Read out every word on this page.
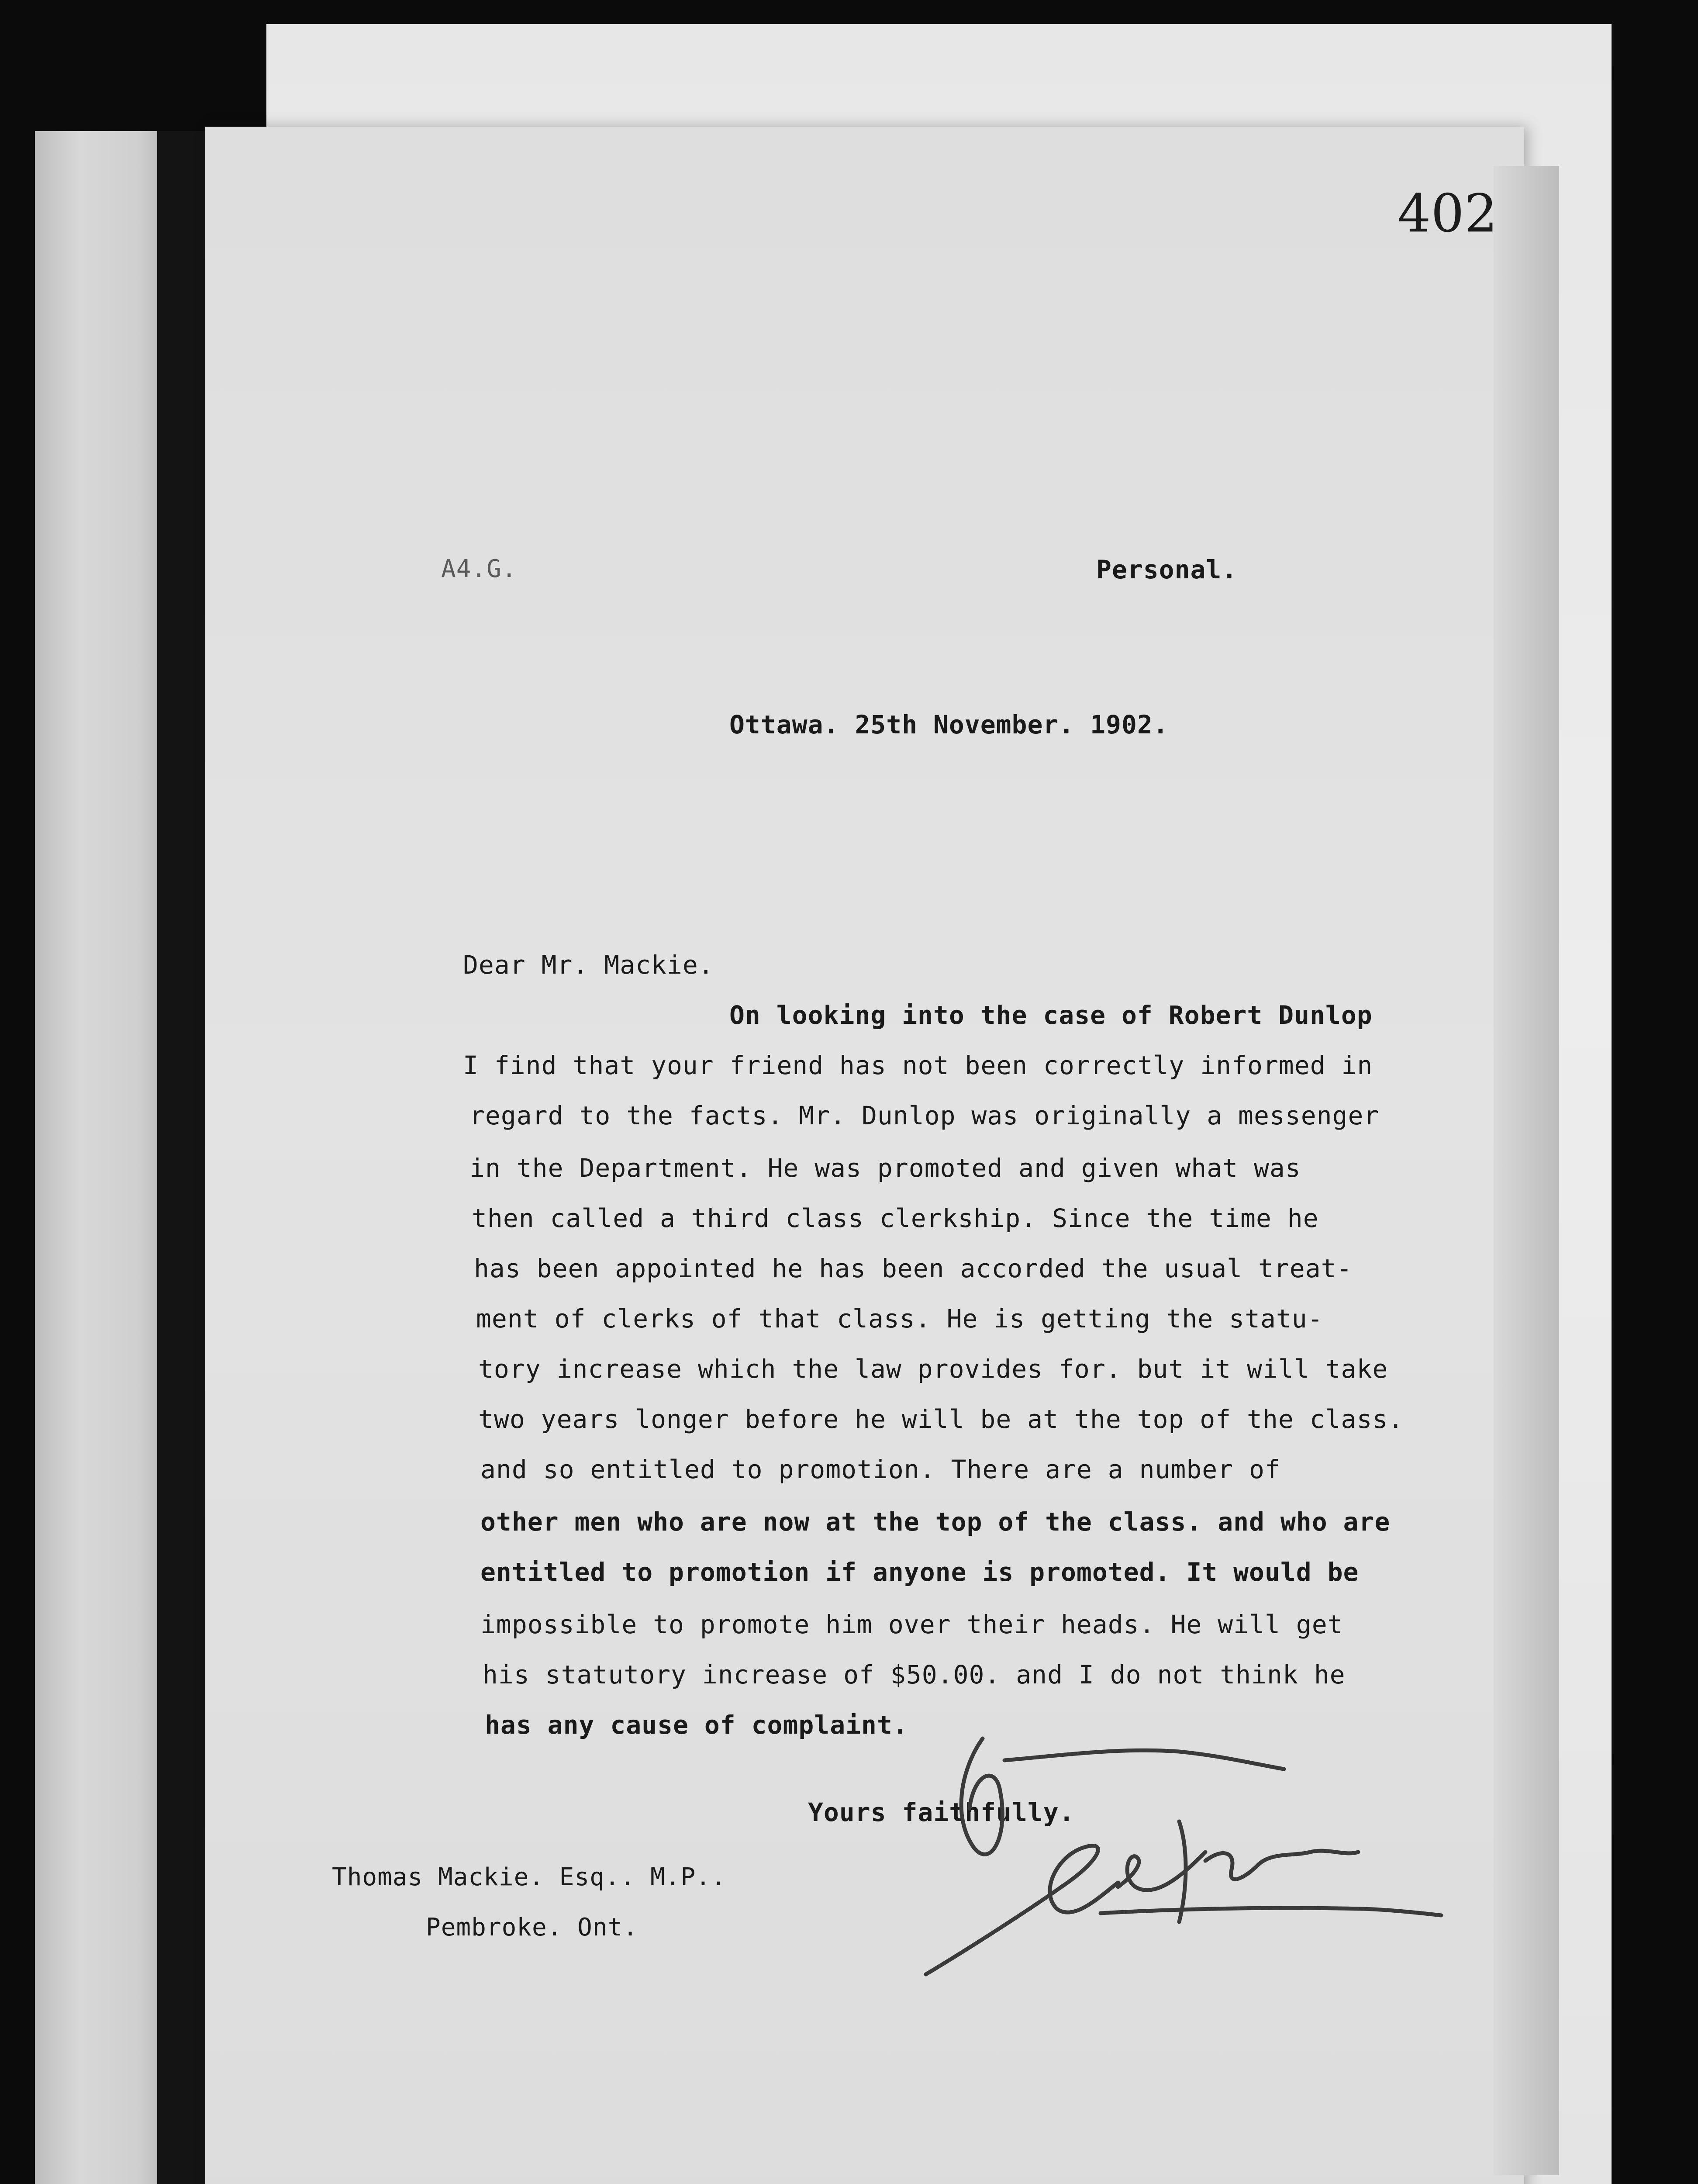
402
A4.G.	Personal.
Ottawa. 25th November. 1902.
Dear Mr. Mackie.
On looking into the case of Robert Dunlop
I find that your friend has not been correctly informed in
regard to the facts. Mr. Dunlop was originally a messenger
in the Department. He was promoted and given what was
then called a third class clerkship. Since the time he
has been appointed he has been accorded the usual treat-
ment of clerks of that class. He is getting the statu-
tory increase which the law provides for. but it will take
two years longer before he will be at the top of the class.
and so entitled to promotion. There are a number of
other men who are now at the top of the class. and who are
entitled to promotion if anyone is promoted. It would be
impossible to promote him over their heads. He will get
his statutory increase of $50.00. and I do not think he
has any cause of complaint.
Yours faithfully.
Thomas Mackie. Esq.. M.P..
Pembroke. Ont.
